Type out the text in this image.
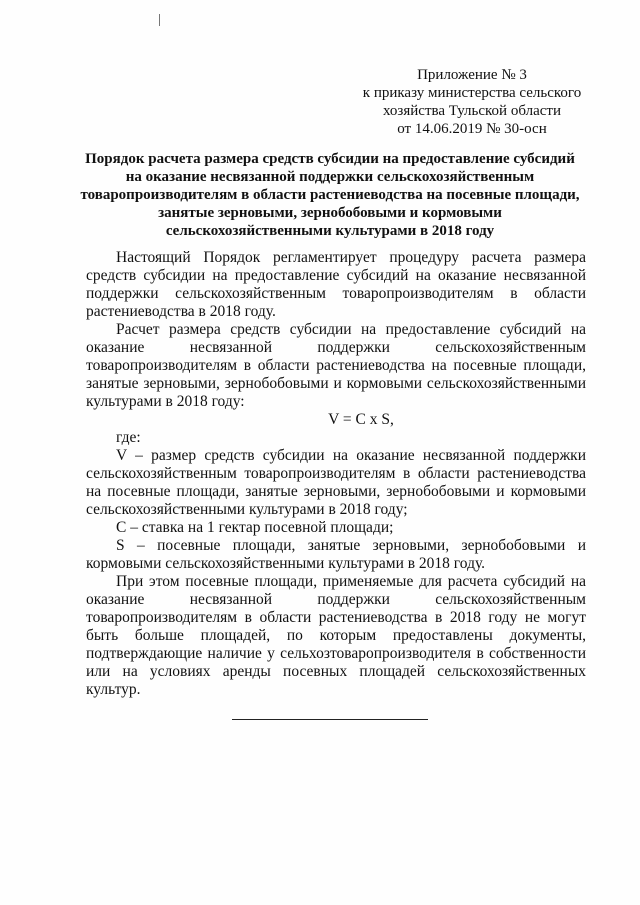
Приложение № 3
к приказу министерства сельского
хозяйства Тульской области
от 14.06.2019 № 30-осн
Порядок расчета размера средств субсидии на предоставление субсидий
на оказание несвязанной поддержки сельскохозяйственным
товаропроизводителям в области растениеводства на посевные площади,
занятые зерновыми, зернобобовыми и кормовыми
сельскохозяйственными культурами в 2018 году

Настоящий Порядок регламентирует процедуру расчета размера средств субсидии на предоставление субсидий на оказание несвязанной поддержки сельскохозяйственным товаропроизводителям в области растениеводства в 2018 году.

Расчет размера средств субсидии на предоставление субсидий на оказание несвязанной поддержки сельскохозяйственным товаропроизводителям в области растениеводства на посевные площади, занятые зерновыми, зернобобовыми и кормовыми сельскохозяйственными культурами в 2018 году:

V = C x S,

где:

V – размер средств субсидии на оказание несвязанной поддержки сельскохозяйственным товаропроизводителям в области растениеводства на посевные площади, занятые зерновыми, зернобобовыми и кормовыми сельскохозяйственными культурами в 2018 году;

С – ставка на 1 гектар посевной площади;

S – посевные площади, занятые зерновыми, зернобобовыми и кормовыми сельскохозяйственными культурами в 2018 году.

При этом посевные площади, применяемые для расчета субсидий на оказание несвязанной поддержки сельскохозяйственным товаропроизводителям в области растениеводства в 2018 году не могут быть больше площадей, по которым предоставлены документы, подтверждающие наличие у сельхозтоваропроизводителя в собственности или на условиях аренды посевных площадей сельскохозяйственных культур.
